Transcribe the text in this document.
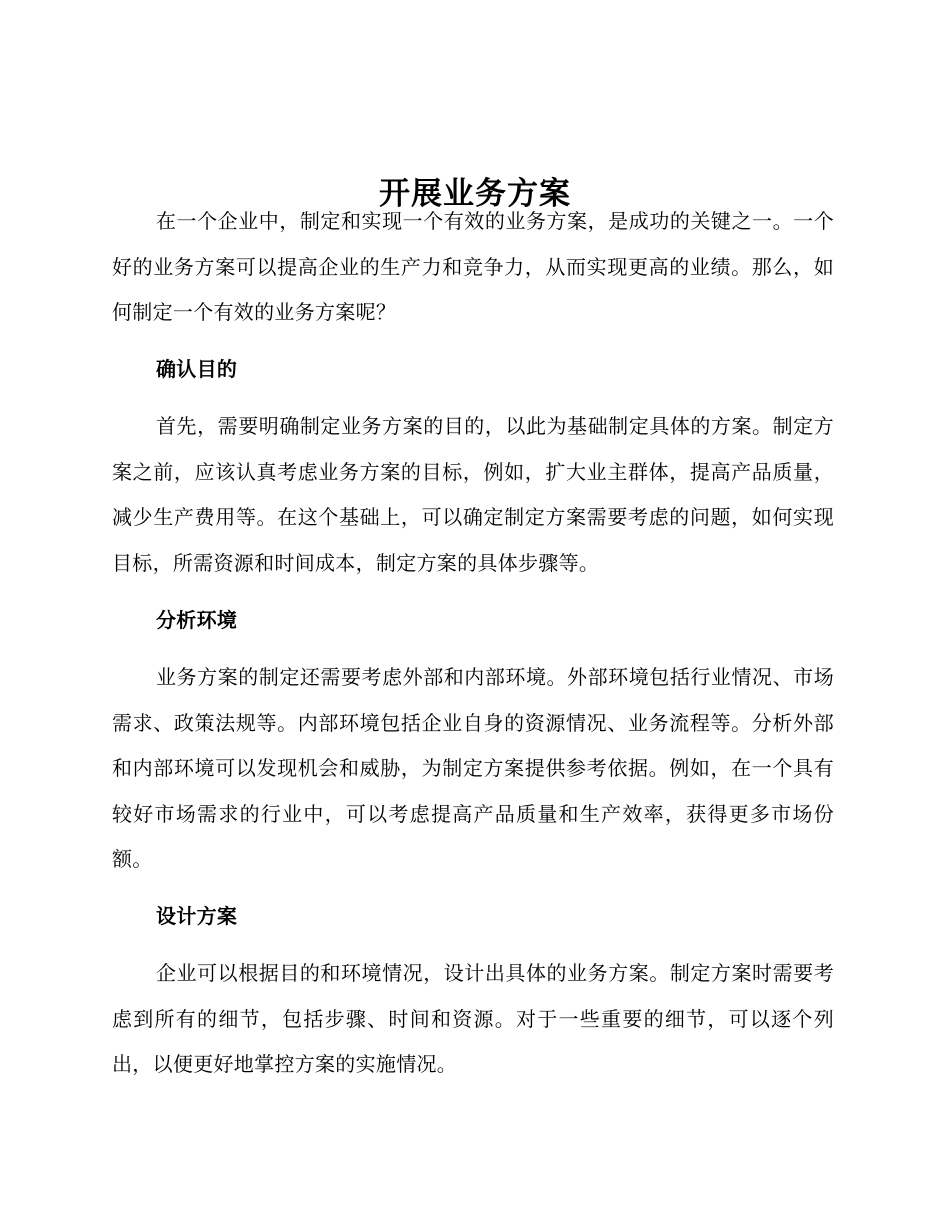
开展业务方案

在一个企业中，制定和实现一个有效的业务方案，是成功的关键之一。一个好的业务方案可以提高企业的生产力和竞争力，从而实现更高的业绩。那么，如何制定一个有效的业务方案呢？

确认目的

首先，需要明确制定业务方案的目的，以此为基础制定具体的方案。制定方案之前，应该认真考虑业务方案的目标，例如，扩大业主群体，提高产品质量，减少生产费用等。在这个基础上，可以确定制定方案需要考虑的问题，如何实现目标，所需资源和时间成本，制定方案的具体步骤等。

分析环境

业务方案的制定还需要考虑外部和内部环境。外部环境包括行业情况、市场需求、政策法规等。内部环境包括企业自身的资源情况、业务流程等。分析外部和内部环境可以发现机会和威胁，为制定方案提供参考依据。例如，在一个具有较好市场需求的行业中，可以考虑提高产品质量和生产效率，获得更多市场份额。

设计方案

企业可以根据目的和环境情况，设计出具体的业务方案。制定方案时需要考虑到所有的细节，包括步骤、时间和资源。对于一些重要的细节，可以逐个列出，以便更好地掌控方案的实施情况。
